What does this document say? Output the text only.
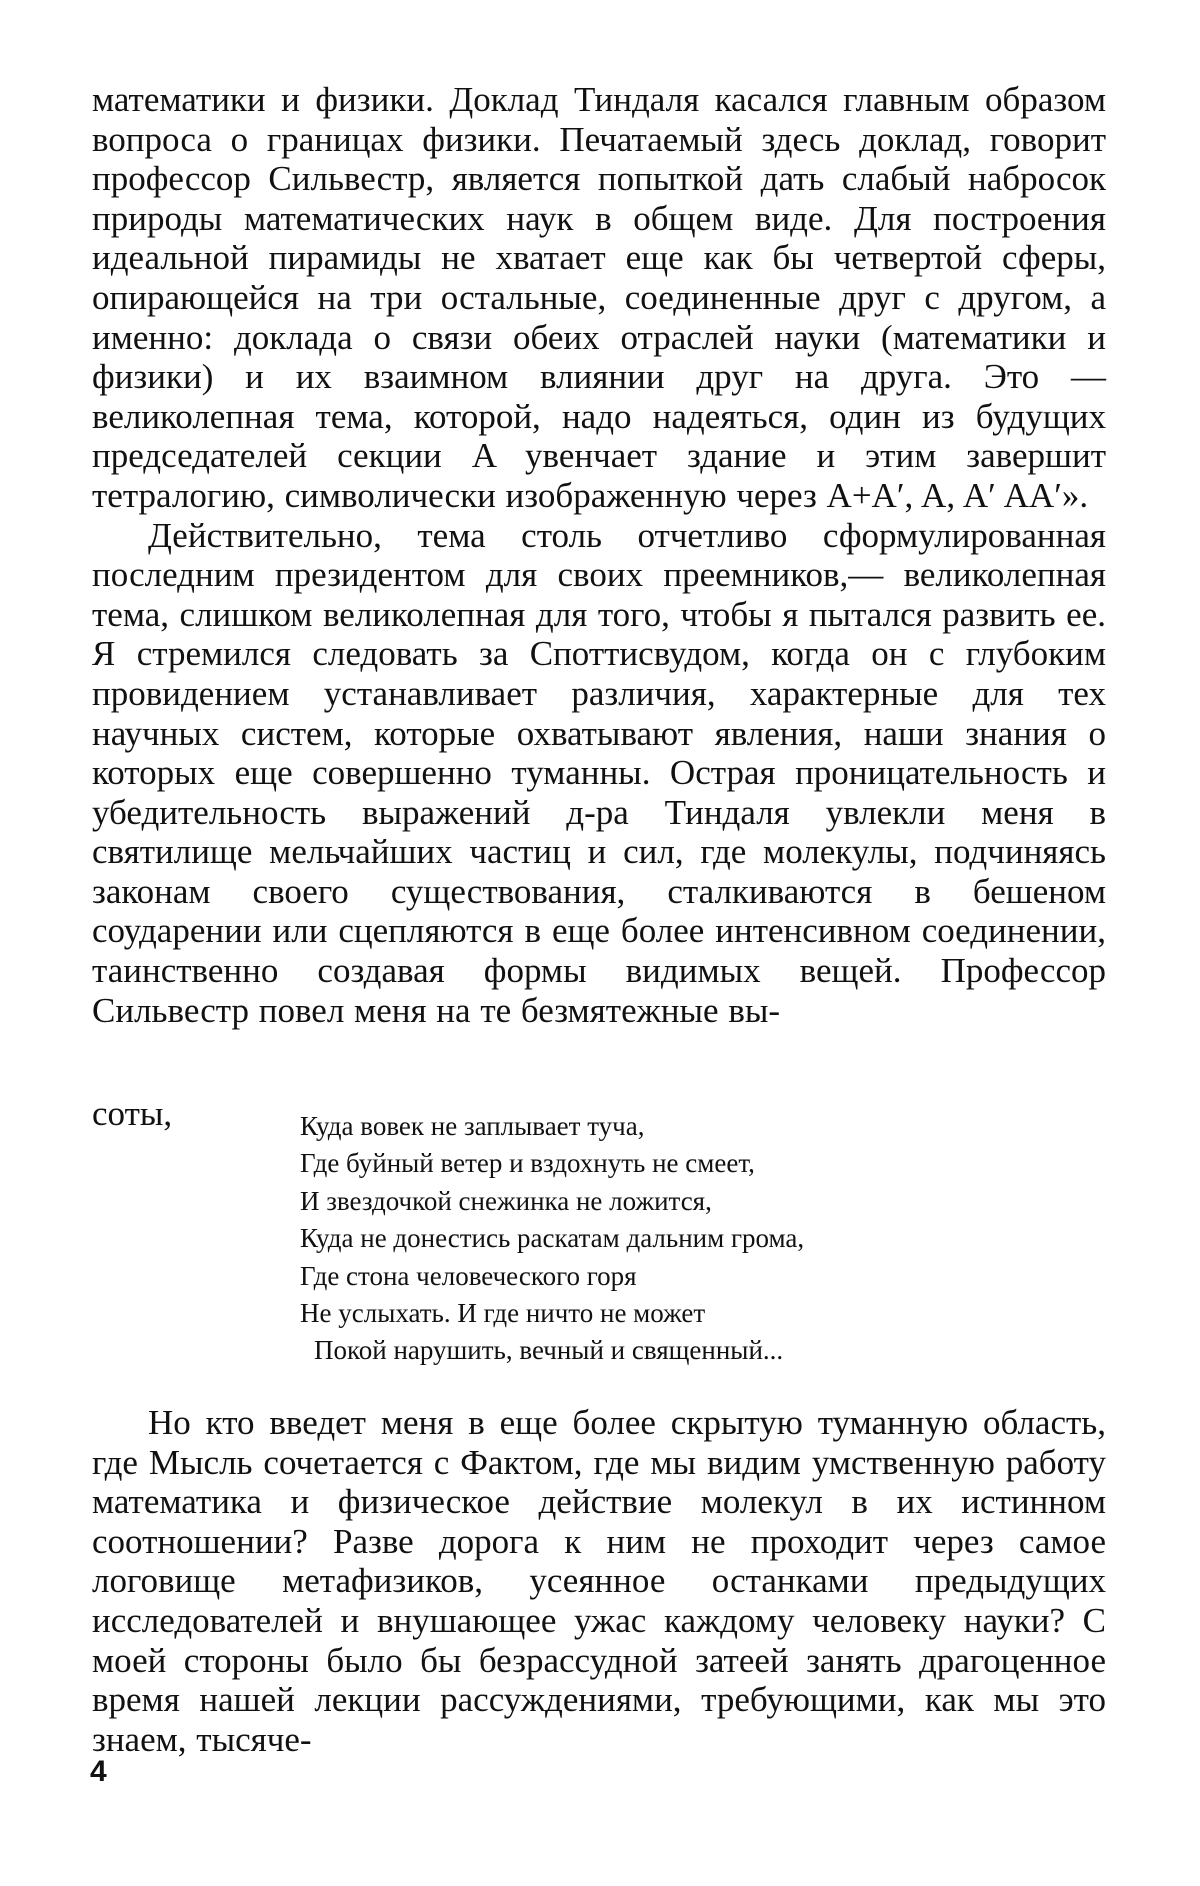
математики и физики. Доклад Тиндаля касался главным образом вопроса о границах физики. Печатаемый здесь доклад, говорит профессор Сильвестр, является попыткой дать слабый набросок природы математических наук в общем виде. Для построения идеальной пирамиды не хватает еще как бы четвертой сферы, опирающейся на три остальные, соединенные друг с другом, а именно: доклада о связи обеих отраслей науки (математики и физики) и их взаимном влиянии друг на друга. Это — великолепная тема, которой, надо надеяться, один из будущих председателей секции A увенчает здание и этим завершит тетралогию, символически изображенную через A+A′, A, A′ AA′».

Действительно, тема столь отчетливо сформулированная последним президентом для своих преемников,— великолепная тема, слишком великолепная для того, чтобы я пытался развить ее. Я стремился следовать за Споттисвудом, когда он с глубоким провидением устанавливает различия, характерные для тех научных систем, которые охватывают явления, наши знания о которых еще совершенно туманны. Острая проницательность и убедительность выражений д-ра Тиндаля увлекли меня в святилище мельчайших частиц и сил, где молекулы, подчиняясь законам своего существования, сталкиваются в бешеном соударении или сцепляются в еще более интенсивном соединении, таинственно создавая формы видимых вещей. Профессор Сильвестр повел меня на те безмятежные вы-

соты,	Куда вовек не заплывает туча,
Где буйный ветер и вздохнуть не смеет,
И звездочкой снежинка не ложится,
Куда не донестись раскатам дальним грома,
Где стона человеческого горя
Не услыхать. И где ничто не может
Покой нарушить, вечный и священный...

Но кто введет меня в еще более скрытую туманную область, где Мысль сочетается с Фактом, где мы видим умственную работу математика и физическое действие молекул в их истинном соотношении? Разве дорога к ним не проходит через самое логовище метафизиков, усеянное останками предыдущих исследователей и внушающее ужас каждому человеку науки? С моей стороны было бы безрассудной затеей занять драгоценное время нашей лекции рассуждениями, требующими, как мы это знаем, тысяче-

4
